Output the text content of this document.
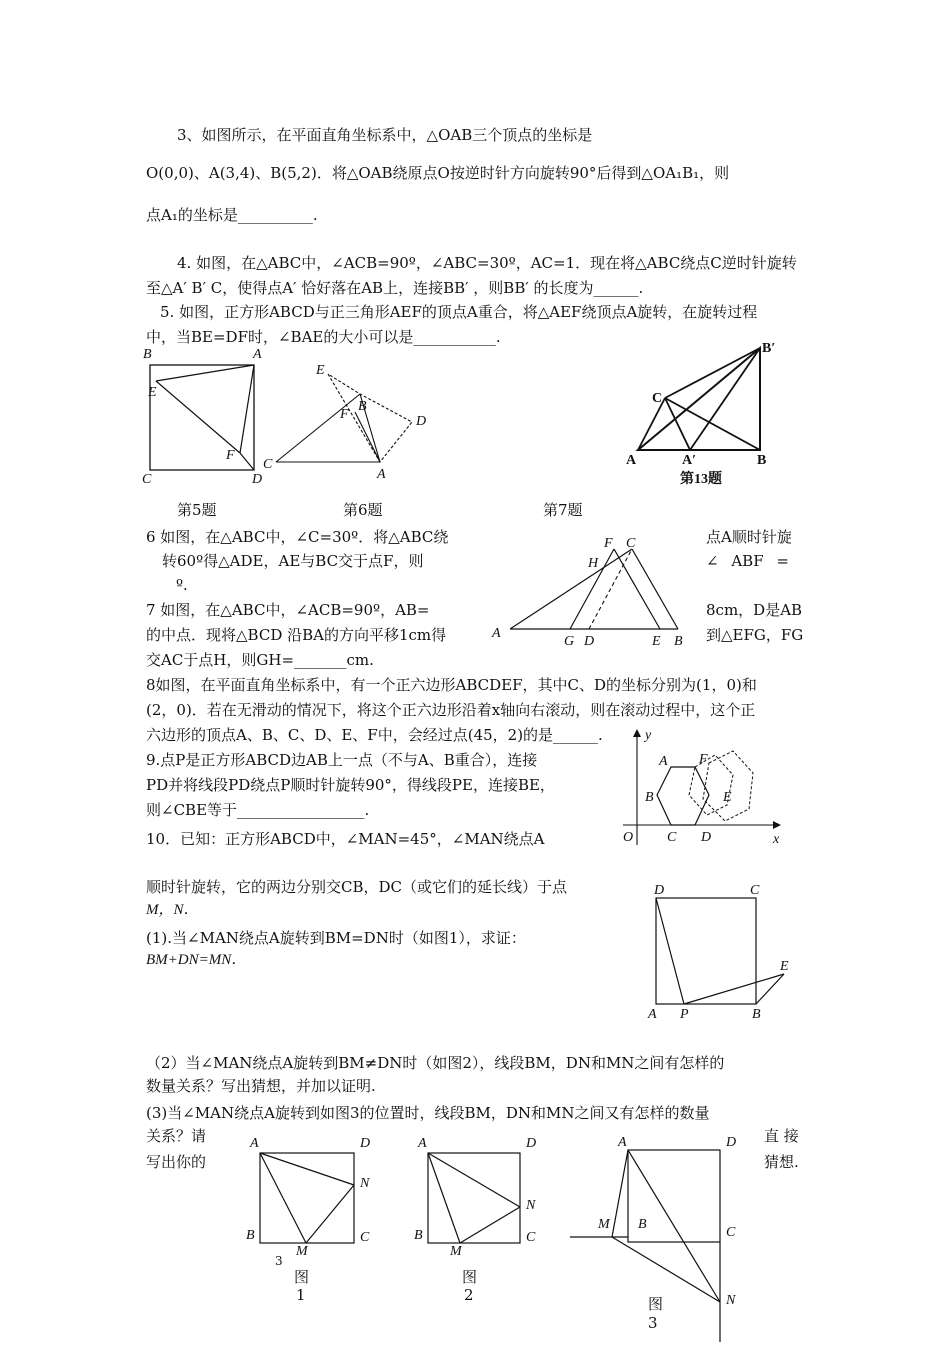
3、如图所示，在平面直角坐标系中，△OAB三个顶点的坐标是
O(0,0)、A(3,4)、B(5,2)．将△OAB绕原点O按逆时针方向旋转90°后得到△OA₁B₁，则
点A₁的坐标是__________.
4. 如图，在△ABC中，∠ACB=90º，∠ABC=30º，AC=1．现在将△ABC绕点C逆时针旋转
至△A′ B′ C，使得点A′ 恰好落在AB上，连接BB′ ，则BB′ 的长度为______.
5. 如图，正方形ABCD与正三角形AEF的顶点A重合，将△AEF绕顶点A旋转，在旋转过程
中，当BE=DF时，∠BAE的大小可以是___________.
B	A
E
F
C	D
E
F
B
D
C
A
C
B′
A	A′	B
第13题
第5题	第6题	第7题
6 如图，在△ABC中，∠C=30º．将△ABC绕	点A顺时针旋
转60º得△ADE，AE与BC交于点F，则	∠ ABF =
º.
F C
H
A
G D	E B
7 如图，在△ABC中，∠ACB=90º，AB=	8cm，D是AB
的中点．现将△BCD 沿BA的方向平移1cm得	到△EFG，FG
交AC于点H，则GH=_______cm.
8如图，在平面直角坐标系中，有一个正六边形ABCDEF，其中C、D的坐标分别为(1，0)和
(2，0)．若在无滑动的情况下，将这个正六边形沿着x轴向右滚动，则在滚动过程中，这个正
六边形的顶点A、B、C、D、E、F中，会经过点(45，2)的是______.	y
x
O
A
B
C D
E
F
9.点P是正方形ABCD边AB上一点（不与A、B重合），连接
PD并将线段PD绕点P顺时针旋转90°，得线段PE，连接BE，
则∠CBE等于_________________.
10．已知：正方形ABCD中，∠MAN=45°，∠MAN绕点A
顺时针旋转，它的两边分别交CB，DC（或它们的延长线）于点
M，N．
(1).当∠MAN绕点A旋转到BM=DN时（如图1），求证：
BM+DN=MN．
D	C
E
A P	B
（2）当∠MAN绕点A旋转到BM≠DN时（如图2），线段BM，DN和MN之间有怎样的
数量关系？写出猜想，并加以证明.
(3)当∠MAN绕点A旋转到如图3的位置时，线段BM，DN和MN之间又有怎样的数量
关系？请
写出你的
直 接
猜想.
A	D
N
B	C
M
3
图
1
A	D
N
B	C
M
图
2
A	D
M B
C
N
图
3
